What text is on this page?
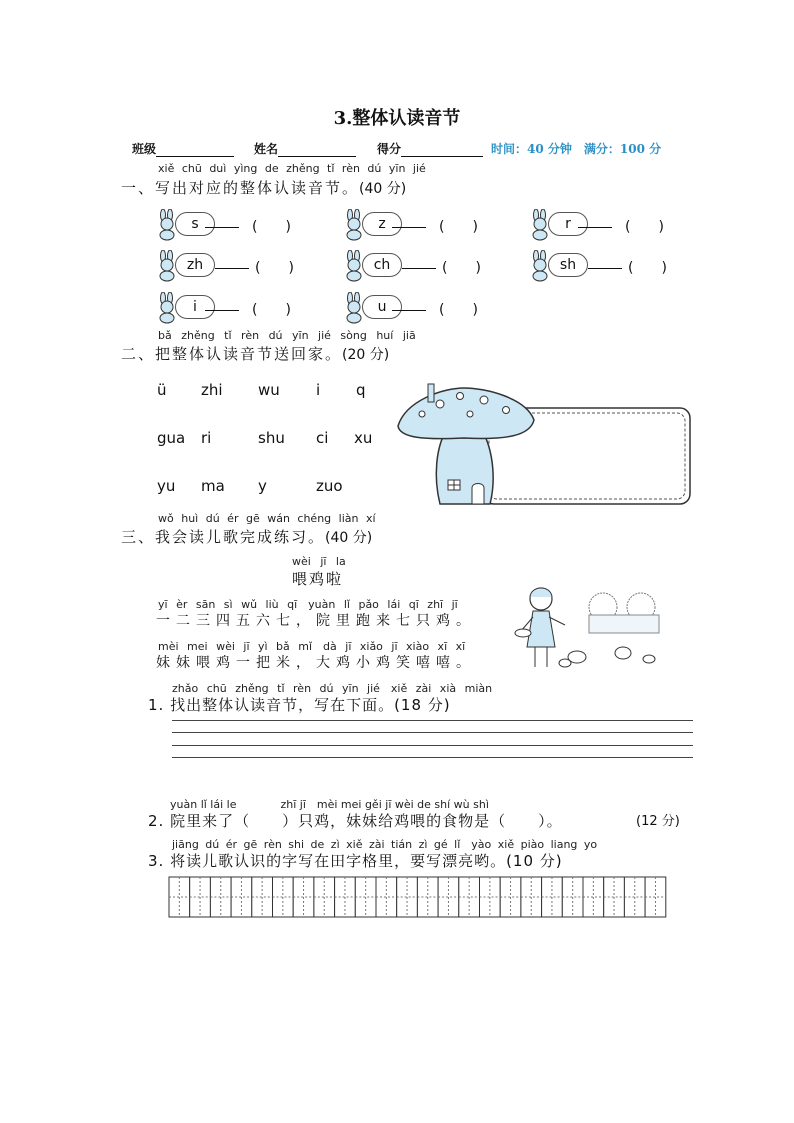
3.整体认读音节
班级	姓名	得分	时间：40 分钟　满分：100 分
xiě chū duì yìng de zhěng tǐ rèn dú yīn jié
一、写出对应的整体认读音节。(40 分)
s	(　　)	z	(　　)	r	(　　)
zh	(　　)	ch	(　　)	sh	(　　)
i	(　　)	u	(　　)
bǎ zhěng tǐ rèn dú yīn jié sòng huí jiā
二、把整体认读音节送回家。(20 分)
ü zhi wu i q
gua ri	shu ci xu
yu ma y	zuo
wǒ huì dú ér gē wán chéng liàn xí
三、我会读儿歌完成练习。(40 分)
wèi jī la
喂鸡啦
yī èr sān sì wǔ liù qī　yuàn lǐ pǎo lái qī zhī jī
一二三四五六七，院里跑来七只鸡。
mèi mei wèi jī yì bǎ mǐ　dà jī xiǎo jī xiào xī xī
妹妹喂鸡一把米，大鸡小鸡笑嘻嘻。
zhǎo chū zhěng tǐ rèn dú yīn jié　xiě zài xià miàn
1. 找出整体认读音节，写在下面。(18 分)
yuàn lǐ lái le　　　　zhī jī　mèi mei gěi jī wèi de shí wù shì
2. 院里来了（　　）只鸡，妹妹给鸡喂的食物是（　　）。	(12 分)
jiāng dú ér gē rèn shi de zì xiě zài tián zì gé lǐ　yào xiě piào liang yo
3. 将读儿歌认识的字写在田字格里，要写漂亮哟。(10 分)
